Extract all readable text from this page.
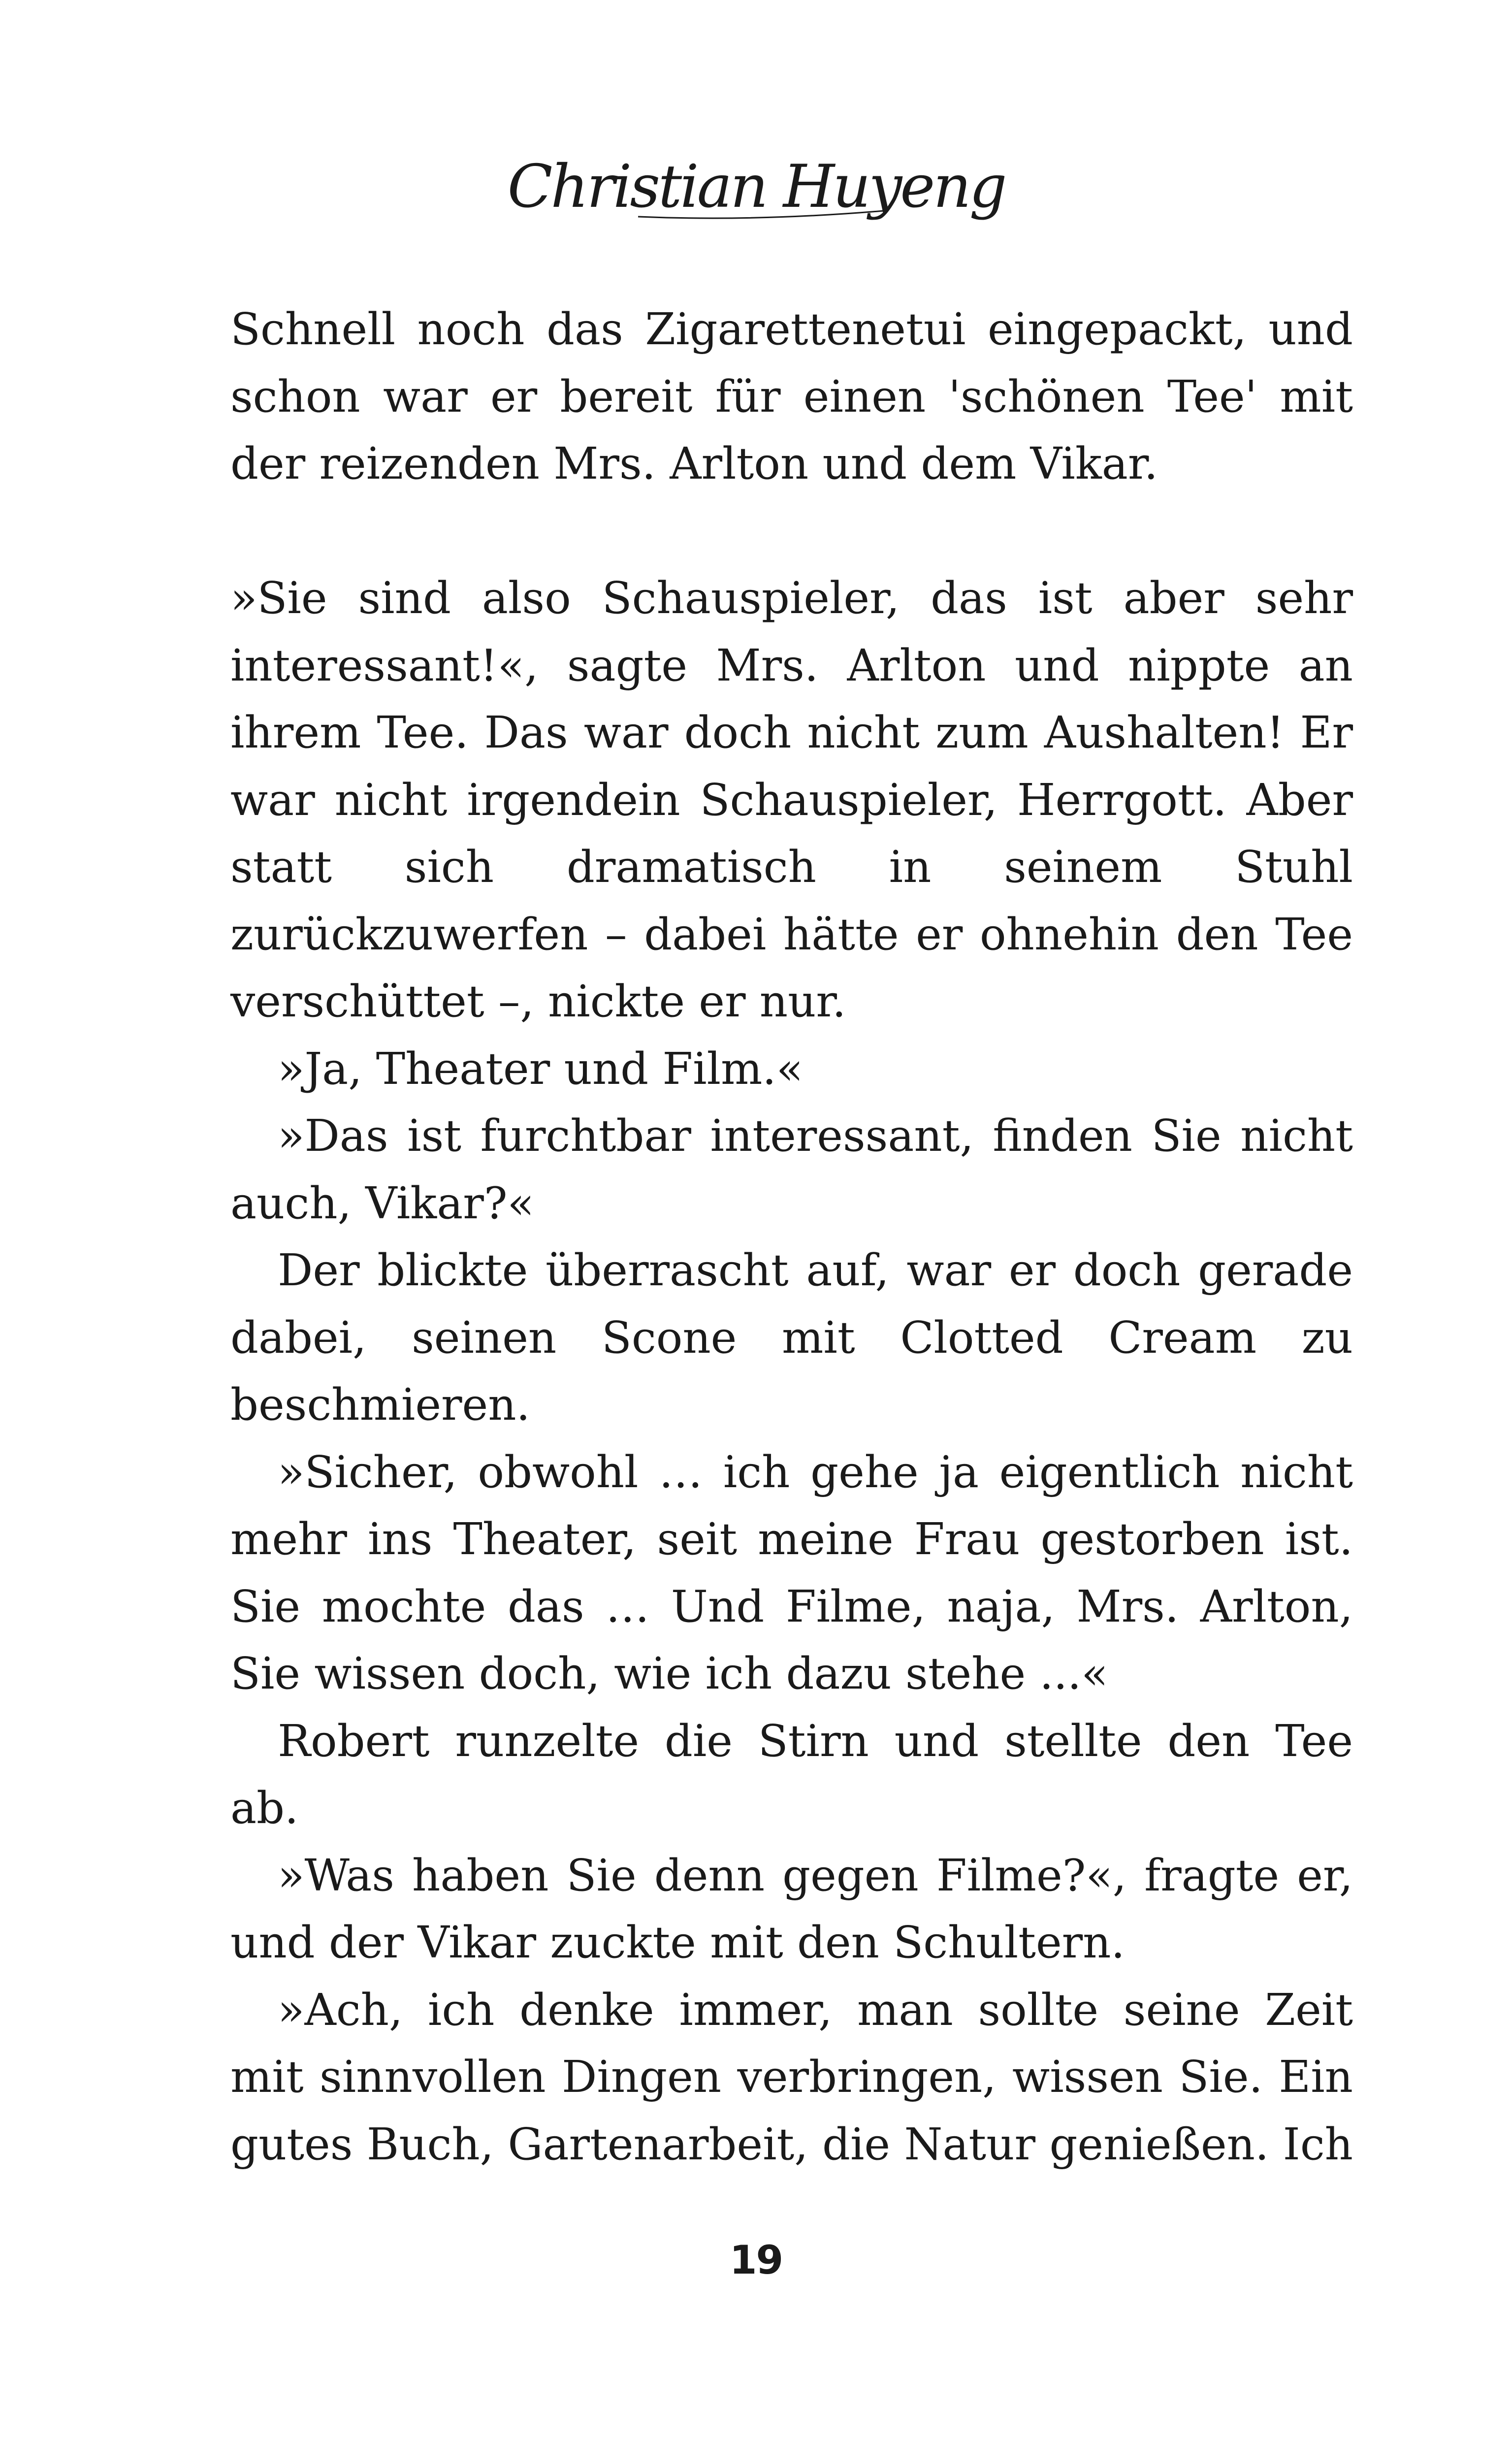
Christian Huyeng

Schnell noch das Zigarettenetui eingepackt, und schon war er bereit für einen 'schönen Tee' mit der reizenden Mrs. Arlton und dem Vikar.

»Sie sind also Schauspieler, das ist aber sehr interessant!«, sagte Mrs. Arlton und nippte an ihrem Tee. Das war doch nicht zum Aushalten! Er war nicht irgendein Schauspieler, Herrgott. Aber statt sich dramatisch in seinem Stuhl zurückzuwerfen – dabei hätte er ohnehin den Tee verschüttet –, nickte er nur.

»Ja, Theater und Film.«

»Das ist furchtbar interessant, finden Sie nicht auch, Vikar?«

Der blickte überrascht auf, war er doch gerade dabei, seinen Scone mit Clotted Cream zu beschmieren.

»Sicher, obwohl … ich gehe ja eigentlich nicht mehr ins Theater, seit meine Frau gestorben ist. Sie mochte das … Und Filme, naja, Mrs. Arlton, Sie wissen doch, wie ich dazu stehe ...«

Robert runzelte die Stirn und stellte den Tee ab.

»Was haben Sie denn gegen Filme?«, fragte er, und der Vikar zuckte mit den Schultern.

»Ach, ich denke immer, man sollte seine Zeit mit sinnvollen Dingen verbringen, wissen Sie. Ein gutes Buch, Gartenarbeit, die Natur genießen. Ich

19
